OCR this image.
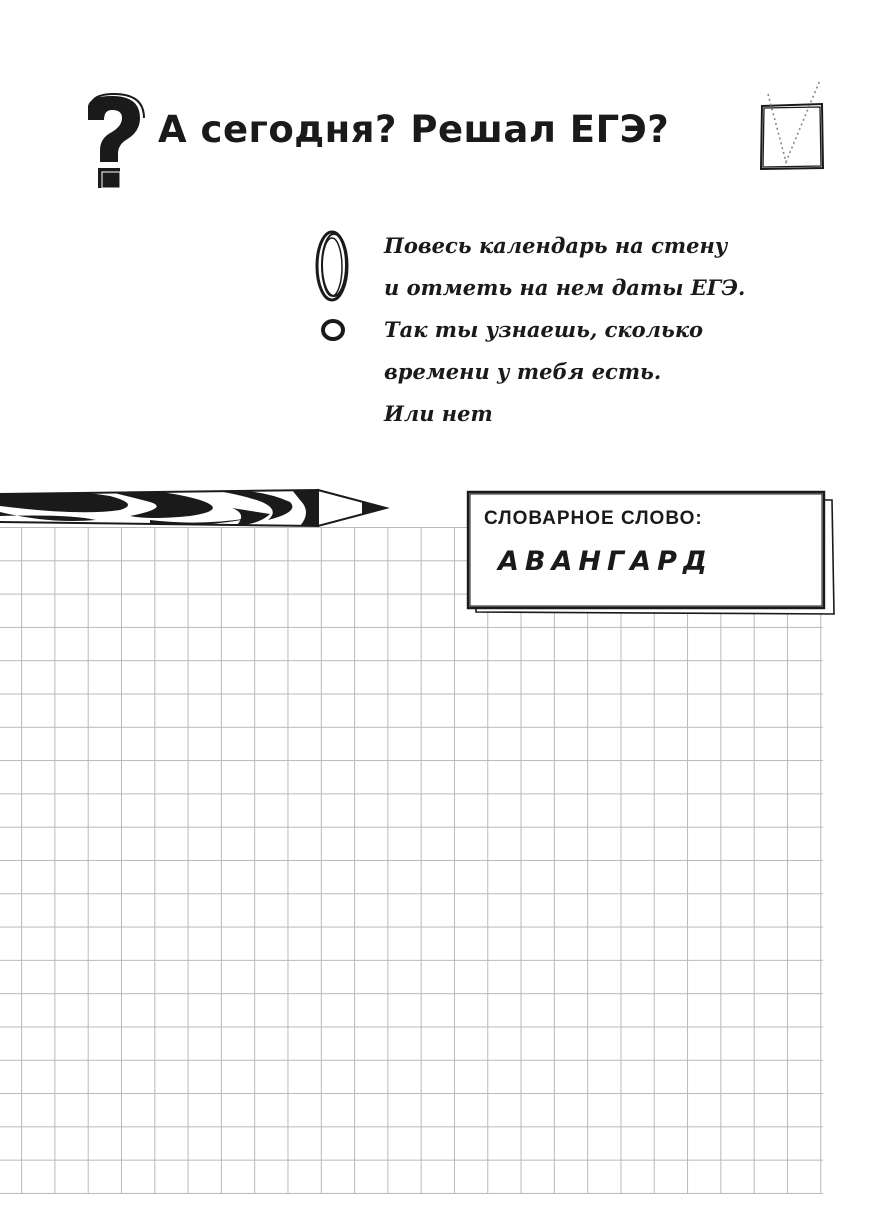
А сегодня? Решал ЕГЭ?
Повесь календарь на стену
и отметь на нем даты ЕГЭ.
Так ты узнаешь, сколько
времени у тебя есть.
Или нет
СЛОВАРНОЕ СЛОВО:
АВАНГАРД
